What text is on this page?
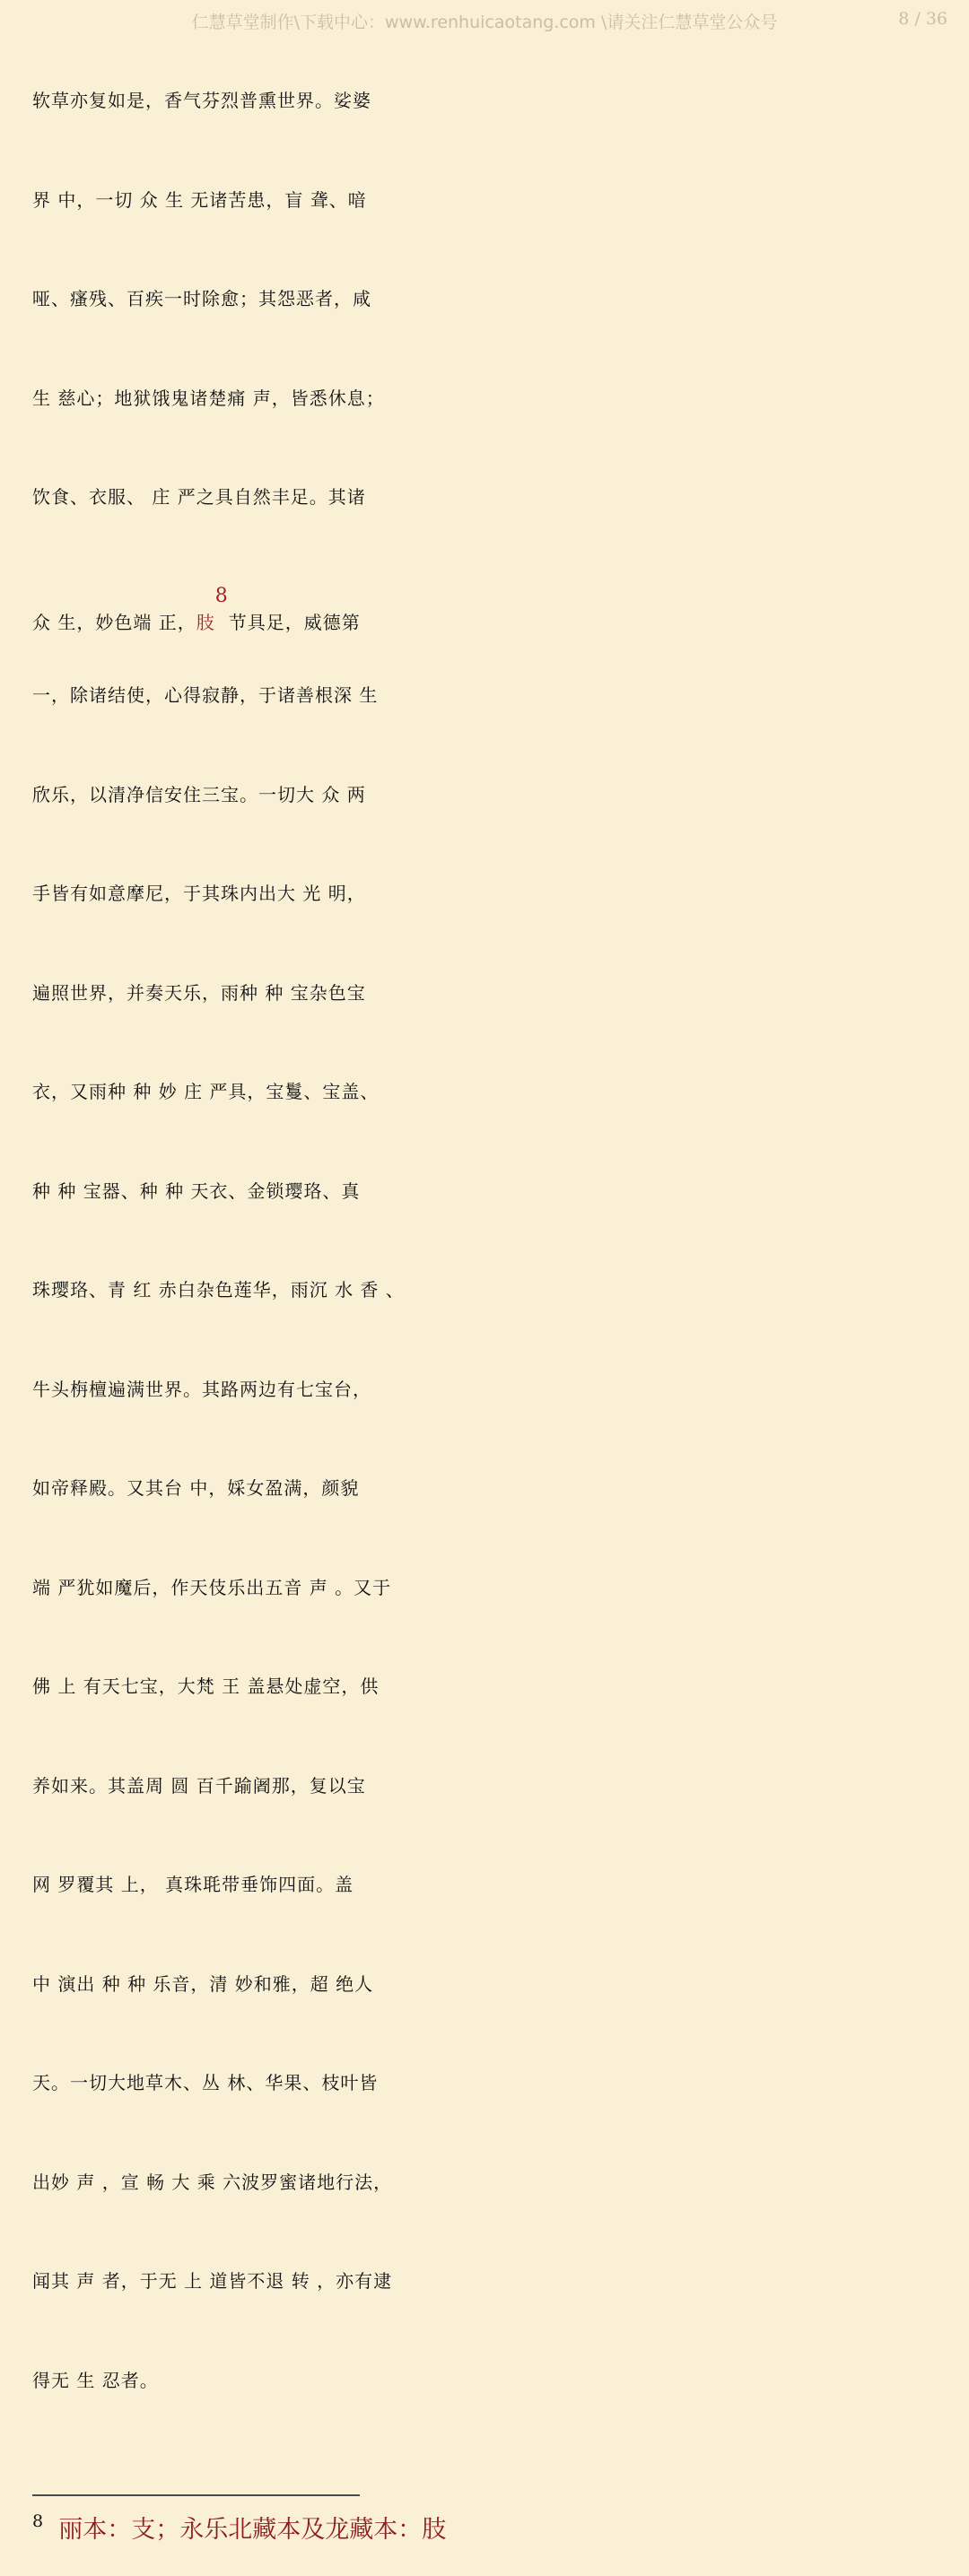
仁慧草堂制作\下载中心：www.renhuicaotang.com \请关注仁慧草堂公众号	8 / 36
软草亦复如是，香气芬烈普熏世界。娑婆
界 中，一切 众 生 无诸苦患，盲 聋、喑
哑、瘙残、百疾一时除愈；其怨恶者，咸
生 慈心；地狱饿鬼诸楚痛 声，皆悉休息；
饮食、衣服、 庄 严之具自然丰足。其诸
众 生，妙色端 正，肢$^8$节具足，威德第
一，除诸结使，心得寂静，于诸善根深 生
欣乐，以清净信安住三宝。一切大 众 两
手皆有如意摩尼，于其珠内出大 光 明，
遍照世界，并奏天乐，雨种 种 宝杂色宝
衣，又雨种 种 妙 庄 严具，宝鬘、宝盖、
种 种 宝器、种 种 天衣、金锁璎珞、真
珠璎珞、青 红 赤白杂色莲华，雨沉 水 香 、
牛头栴檀遍满世界。其路两边有七宝台，
如帝释殿。又其台 中，婇女盈满，颜貌
端 严犹如魔后，作天伎乐出五音 声 。又于
佛 上 有天七宝，大梵 王 盖悬处虚空，供
养如来。其盖周 圆 百千踰阇那，复以宝
网 罗覆其 上， 真珠毦带垂饰四面。盖
中 演出 种 种 乐音，清 妙和雅，超 绝人
天。一切大地草木、丛 林、华果、枝叶皆
出妙 声 ，宣 畅 大 乘 六波罗蜜诸地行法，
闻其 声 者，于无 上 道皆不退 转 ，亦有逮
得无 生 忍者。
$^8$ 丽本：支；永乐北藏本及龙藏本：肢
